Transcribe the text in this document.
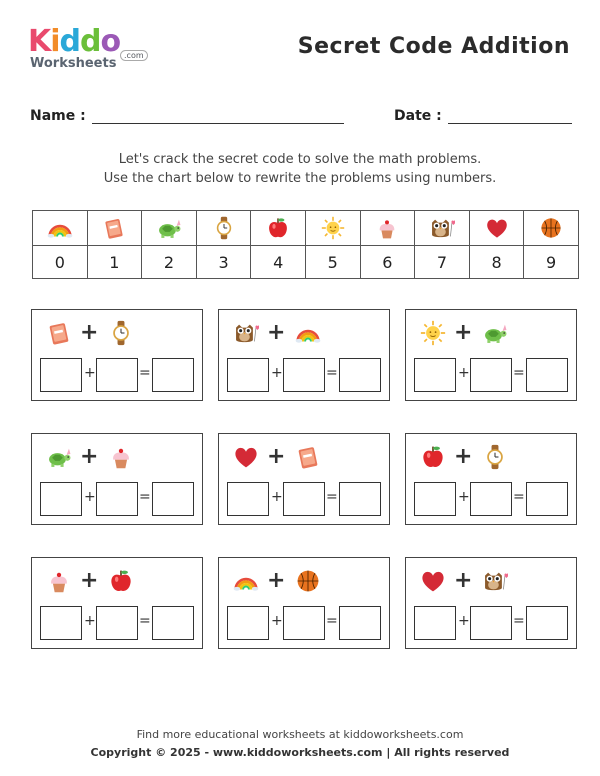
Kiddo
Worksheets
.com	Secret Code Addition
Name :	Date :
Let's crack the secret code to solve the math problems.
Use the chart below to rewrite the problems using numbers.

0	1	2	3	4	5	6	7	8	9
+
+	=
+
+	=
+
+	=
+
+	=
+
+	=
+
+	=
+
+	=
+
+	=
+
+	=
Find more educational worksheets at kiddoworksheets.com
Copyright © 2025 - www.kiddoworksheets.com | All rights reserved
